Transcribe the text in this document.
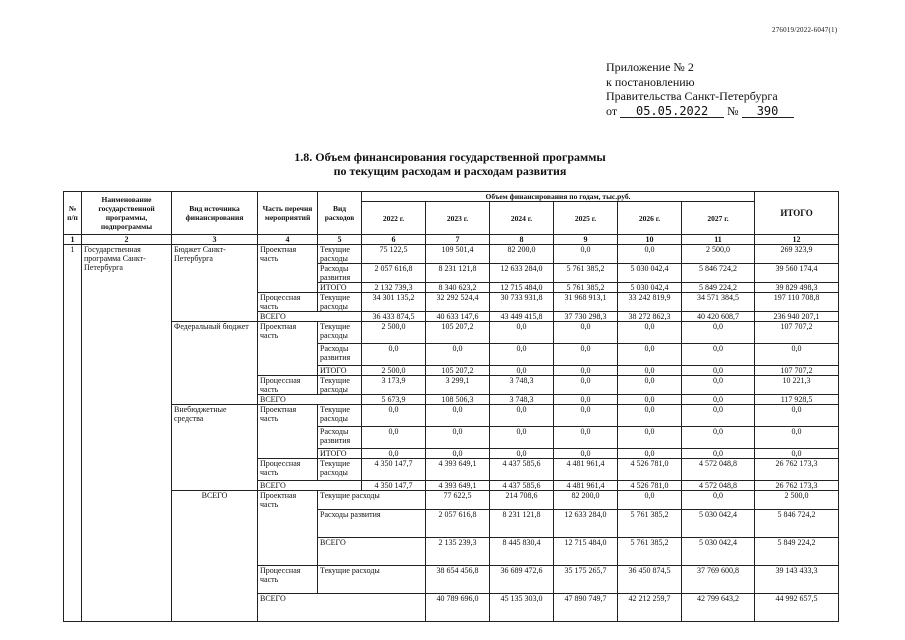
276019/2022-6047(1)
Приложение № 2
к постановлению
Правительства Санкт-Петербурга
от 05.05.2022 № 390
1.8. Объем финансирования государственной программы
по текущим расходам и расходам развития
№ п/п	Наименование государственной программы, подпрограммы	Вид источника финансирования	Часть перечня мероприятий	Вид расходов	Объем финансирования по годам, тыс.руб.						ИТОГО	
					2022 г.	2023 г.	2024 г.	2025 г.	2026 г.	2027 г.		
1	2	3	4	5	6	7	8	9	10	11	12	
1	Государственная программа Санкт-Петербурга	Бюджет Санкт-Петербурга	Проектная часть	Текущие расходы	75 122,5	109 501,4	82 200,0	0,0	0,0	2 500,0	269 323,9	
				Расходы развития	2 057 616,8	8 231 121,8	12 633 284,0	5 761 385,2	5 030 042,4	5 846 724,2	39 560 174,4	
				ИТОГО	2 132 739,3	8 340 623,2	12 715 484,0	5 761 385,2	5 030 042,4	5 849 224,2	39 829 498,3	
			Процессная часть	Текущие расходы	34 301 135,2	32 292 524,4	30 733 931,8	31 968 913,1	33 242 819,9	34 571 384,5	197 110 708,8	
			ВСЕГО		36 433 874,5	40 633 147,6	43 449 415,8	37 730 298,3	38 272 862,3	40 420 608,7	236 940 207,1	
		Федеральный бюджет	Проектная часть	Текущие расходы	2 500,0	105 207,2	0,0	0,0	0,0	0,0	107 707,2	
				Расходы развития	0,0	0,0	0,0	0,0	0,0	0,0	0,0	
				ИТОГО	2 500,0	105 207,2	0,0	0,0	0,0	0,0	107 707,2	
			Процессная часть	Текущие расходы	3 173,9	3 299,1	3 748,3	0,0	0,0	0,0	10 221,3	
			ВСЕГО		5 673,9	108 506,3	3 748,3	0,0	0,0	0,0	117 928,5	
		Внебюджетные средства	Проектная часть	Текущие расходы	0,0	0,0	0,0	0,0	0,0	0,0	0,0	
				Расходы развития	0,0	0,0	0,0	0,0	0,0	0,0	0,0	
				ИТОГО	0,0	0,0	0,0	0,0	0,0	0,0	0,0	
			Процессная часть	Текущие расходы	4 350 147,7	4 393 649,1	4 437 585,6	4 481 961,4	4 526 781,0	4 572 048,8	26 762 173,3	
			ВСЕГО		4 350 147,7	4 393 649,1	4 437 585,6	4 481 961,4	4 526 781,0	4 572 048,8	26 762 173,3	
		ВСЕГО	Проектная часть	Текущие расходы		77 622,5	214 708,6	82 200,0	0,0	0,0	2 500,0	
				Расходы развития		2 057 616,8	8 231 121,8	12 633 284,0	5 761 385,2	5 030 042,4	5 846 724,2	
				ВСЕГО		2 135 239,3	8 445 830,4	12 715 484,0	5 761 385,2	5 030 042,4	5 849 224,2	
			Процессная часть	Текущие расходы		38 654 456,8	36 689 472,6	35 175 265,7	36 450 874,5	37 769 600,8	39 143 433,3	
			ВСЕГО			40 789 696,0	45 135 303,0	47 890 749,7	42 212 259,7	42 799 643,2	44 992 657,5	
